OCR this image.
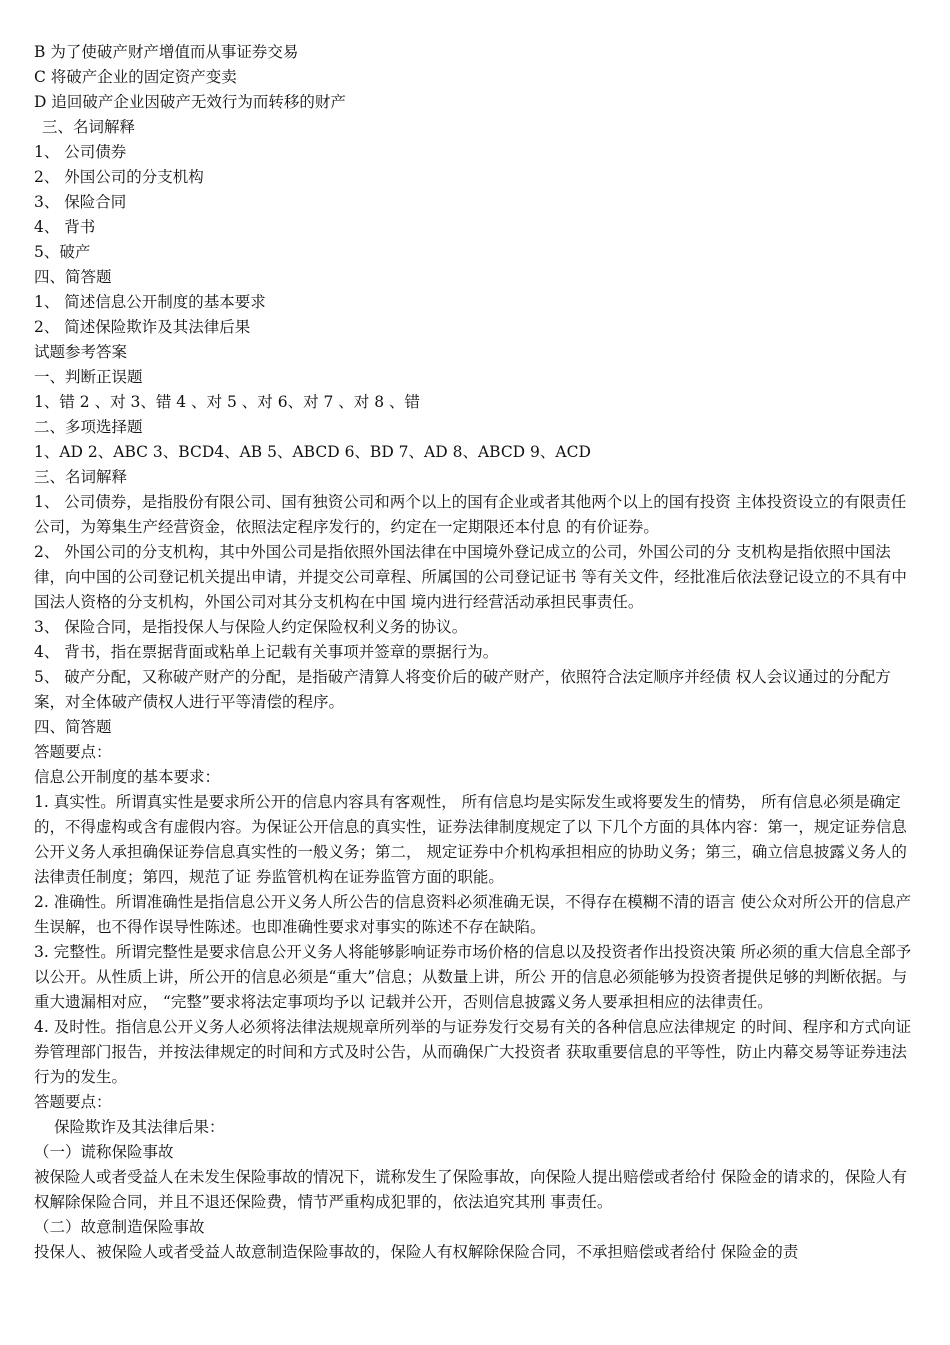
B 为了使破产财产增值而从事证券交易

C 将破产企业的固定资产变卖

D 追回破产企业因破产无效行为而转移的财产

三、名词解释

1、 公司债券

2、 外国公司的分支机构

3、 保险合同

4、 背书

5、破产

四、简答题

1、 简述信息公开制度的基本要求

2、 简述保险欺诈及其法律后果

试题参考答案

一、判断正误题

1、错 2 、对 3、错 4 、对 5 、对 6、对 7 、对 8 、错

二、多项选择题

1、AD 2、ABC 3、BCD4、AB 5、ABCD 6、BD 7、AD 8、ABCD 9、ACD

三、名词解释

1、 公司债券，是指股份有限公司、国有独资公司和两个以上的国有企业或者其他两个以上的国有投资 主体投资设立的有限责任公司，为筹集生产经营资金，依照法定程序发行的，约定在一定期限还本付息 的有价证券。

2、 外国公司的分支机构，其中外国公司是指依照外国法律在中国境外登记成立的公司，外国公司的分 支机构是指依照中国法律，向中国的公司登记机关提出申请，并提交公司章程、所属国的公司登记证书 等有关文件，经批准后依法登记设立的不具有中国法人资格的分支机构，外国公司对其分支机构在中国 境内进行经营活动承担民事责任。

3、 保险合同，是指投保人与保险人约定保险权利义务的协议。

4、 背书，指在票据背面或粘单上记载有关事项并签章的票据行为。

5、 破产分配，又称破产财产的分配，是指破产清算人将变价后的破产财产，依照符合法定顺序并经债 权人会议通过的分配方案，对全体破产债权人进行平等清偿的程序。

四、简答题

答题要点：

信息公开制度的基本要求：

1. 真实性。所谓真实性是要求所公开的信息内容具有客观性， 所有信息均是实际发生或将要发生的情势， 所有信息必须是确定的，不得虚构或含有虚假内容。为保证公开信息的真实性，证券法律制度规定了以 下几个方面的具体内容：第一，规定证券信息公开义务人承担确保证券信息真实性的一般义务；第二， 规定证券中介机构承担相应的协助义务；第三，确立信息披露义务人的法律责任制度；第四，规范了证 券监管机构在证券监管方面的职能。

2. 准确性。所谓准确性是指信息公开义务人所公告的信息资料必须准确无误，不得存在模糊不清的语言 使公众对所公开的信息产生误解，也不得作误导性陈述。也即准确性要求对事实的陈述不存在缺陷。

3. 完整性。所谓完整性是要求信息公开义务人将能够影响证券市场价格的信息以及投资者作出投资决策 所必须的重大信息全部予以公开。从性质上讲，所公开的信息必须是“重大”信息；从数量上讲，所公 开的信息必须能够为投资者提供足够的判断依据。与重大遗漏相对应， “完整”要求将法定事项均予以 记载并公开，否则信息披露义务人要承担相应的法律责任。

4. 及时性。指信息公开义务人必须将法律法规规章所列举的与证券发行交易有关的各种信息应法律规定 的时间、程序和方式向证券管理部门报告，并按法律规定的时间和方式及时公告，从而确保广大投资者 获取重要信息的平等性，防止内幕交易等证券违法行为的发生。

答题要点：

保险欺诈及其法律后果：

（一）谎称保险事故

被保险人或者受益人在未发生保险事故的情况下，谎称发生了保险事故，向保险人提出赔偿或者给付 保险金的请求的，保险人有权解除保险合同，并且不退还保险费，情节严重构成犯罪的，依法追究其刑 事责任。

（二）故意制造保险事故

投保人、被保险人或者受益人故意制造保险事故的，保险人有权解除保险合同，不承担赔偿或者给付 保险金的责
